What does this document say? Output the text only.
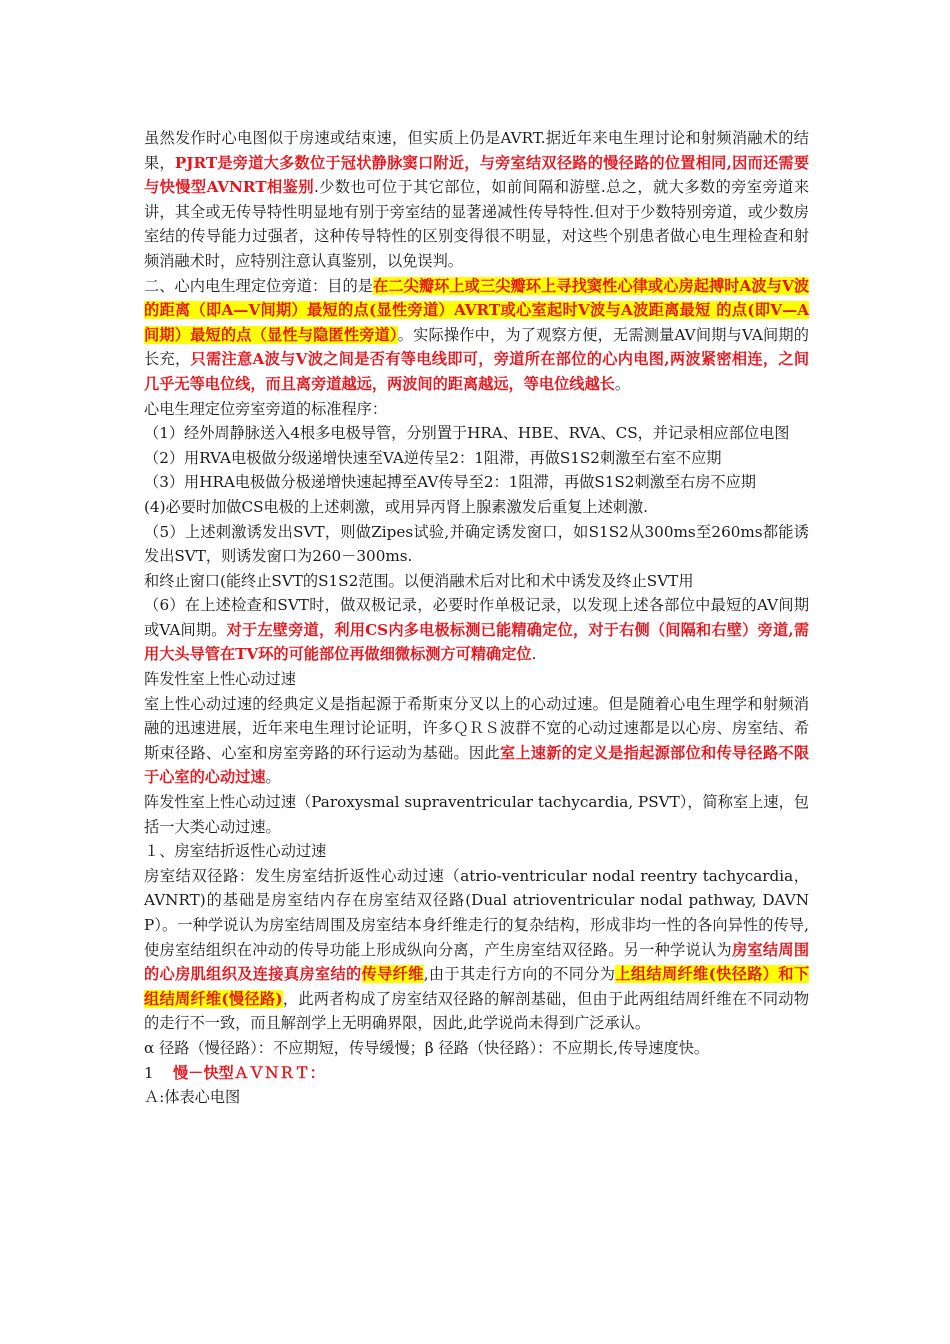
虽然发作时心电图似于房速或结束速，但实质上仍是AVRT.据近年来电生理讨论和射频消融术的结果，PJRT是旁道大多数位于冠状静脉窦口附近，与旁室结双径路的慢径路的位置相同,因而还需要与快慢型AVNRT相鉴别.少数也可位于其它部位，如前间隔和游壁.总之，就大多数的旁室旁道来讲，其全或无传导特性明显地有别于旁室结的显著递减性传导特性.但对于少数特别旁道，或少数房室结的传导能力过强者，这种传导特性的区别变得很不明显，对这些个别患者做心电生理检查和射频消融术时，应特别注意认真鉴别，以免误判。

二、心内电生理定位旁道：目的是在二尖瓣环上或三尖瓣环上寻找窦性心律或心房起搏时A波与V波的距离（即A—V间期）最短的点(显性旁道）AVRT或心室起时V波与A波距离最短 的点(即V—A间期）最短的点（显性与隐匿性旁道）。实际操作中，为了观察方便，无需测量AV间期与VA间期的长充，只需注意A波与V波之间是否有等电线即可，旁道所在部位的心内电图,两波紧密相连，之间几乎无等电位线，而且离旁道越远，两波间的距离越远，等电位线越长。

心电生理定位旁室旁道的标准程序：

（1）经外周静脉送入4根多电极导管，分别置于HRA、HBE、RVA、CS，并记录相应部位电图

（2）用RVA电极做分级递增快速至VA逆传呈2：1阻滞，再做S1S2刺激至右室不应期

（3）用HRA电极做分极递增快速起搏至AV传导至2：1阻滞，再做S1S2刺激至右房不应期

(4)必要时加做CS电极的上述刺激，或用异丙肾上腺素激发后重复上述刺激.

（5）上述刺激诱发出SVT，则做Zipes试验,并确定诱发窗口，如S1S2从300ms至260ms都能诱发出SVT，则诱发窗口为260－300ms.

和终止窗口(能终止SVT的S1S2范围。以便消融术后对比和术中诱发及终止SVT用

（6）在上述检查和SVT时，做双极记录，必要时作单极记录，以发现上述各部位中最短的AV间期或VA间期。对于左壁旁道，利用CS内多电极标测已能精确定位，对于右侧（间隔和右壁）旁道,需用大头导管在TV环的可能部位再做细微标测方可精确定位.

阵发性室上性心动过速

室上性心动过速的经典定义是指起源于希斯束分叉以上的心动过速。但是随着心电生理学和射频消融的迅速进展，近年来电生理讨论证明，许多ＱＲＳ波群不宽的心动过速都是以心房、房室结、希斯束径路、心室和房室旁路的环行运动为基础。因此室上速新的定义是指起源部位和传导径路不限于心室的心动过速。

阵发性室上性心动过速（Paroxysmal supraventricular tachycardia, PSVT），简称室上速，包括一大类心动过速。

１、房室结折返性心动过速

房室结双径路：发生房室结折返性心动过速（atrio-ventricular nodal reentry tachycardia， AVNRT)的基础是房室结内存在房室结双径路(Dual atrioventricular nodal pathway, DAVNP）。一种学说认为房室结周围及房室结本身纤维走行的复杂结构，形成非均一性的各向异性的传导,使房室结组织在冲动的传导功能上形成纵向分离，产生房室结双径路。另一种学说认为房室结周围的心房肌组织及连接真房室结的传导纤维,由于其走行方向的不同分为上组结周纤维(快径路）和下组结周纤维(慢径路)，此两者构成了房室结双径路的解剖基础，但由于此两组结周纤维在不同动物的走行不一致，而且解剖学上无明确界限，因此,此学说尚未得到广泛承认。

α 径路（慢径路）：不应期短，传导缓慢；β 径路（快径路）：不应期长,传导速度快。

1 慢－快型ＡＶＮＲＴ：

Ａ:体表心电图
